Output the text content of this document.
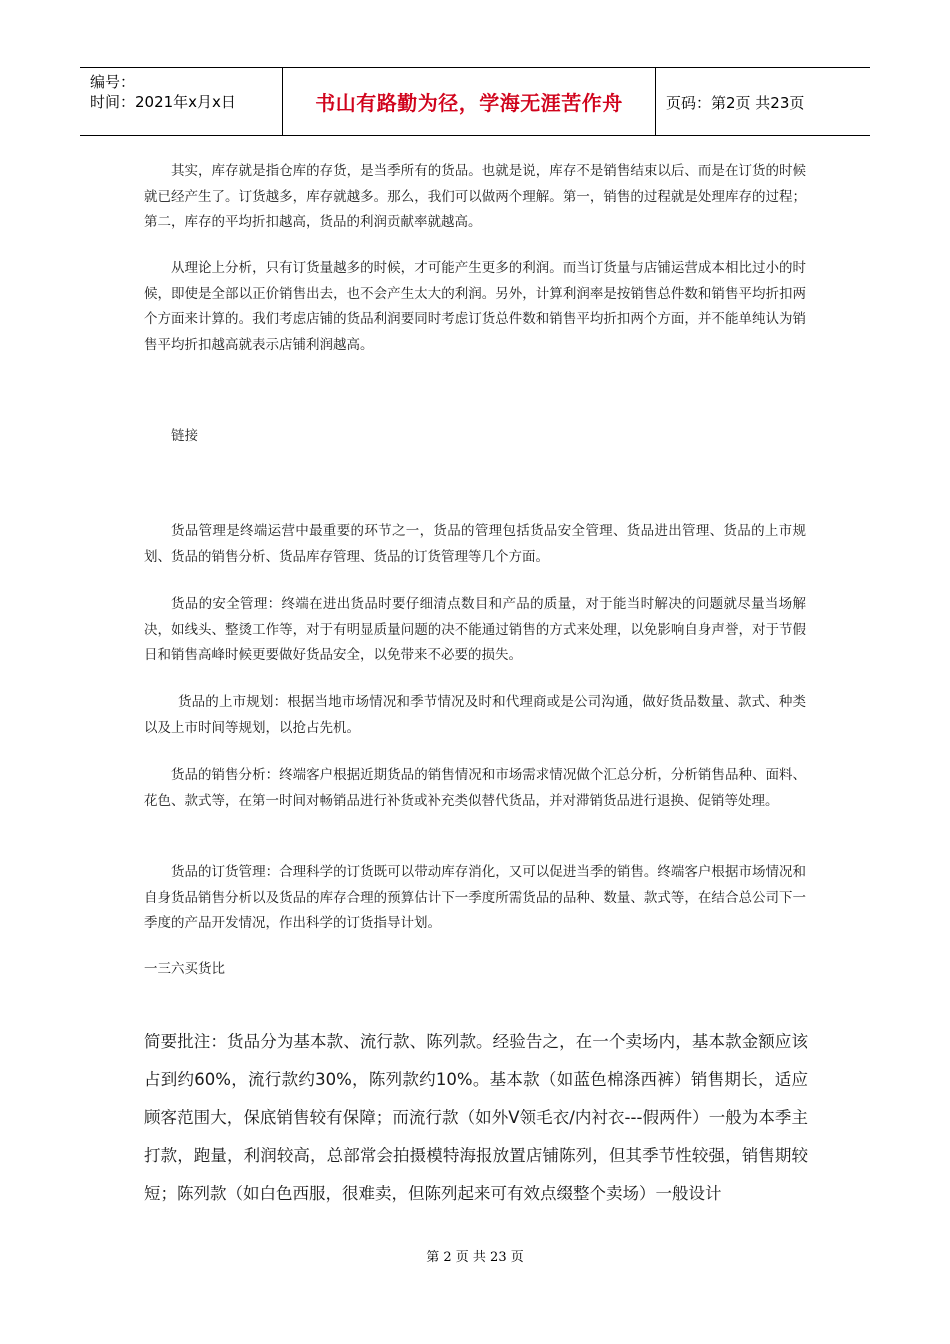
编号：
时间：2021年x月x日	书山有路勤为径，学海无涯苦作舟	页码：第2页 共23页

其实，库存就是指仓库的存货，是当季所有的货品。也就是说，库存不是销售结束以后、而是在订货的时候就已经产生了。订货越多，库存就越多。那么，我们可以做两个理解。第一，销售的过程就是处理库存的过程；第二，库存的平均折扣越高，货品的利润贡献率就越高。

从理论上分析，只有订货量越多的时候，才可能产生更多的利润。而当订货量与店铺运营成本相比过小的时候，即使是全部以正价销售出去，也不会产生太大的利润。另外，计算利润率是按销售总件数和销售平均折扣两个方面来计算的。我们考虑店铺的货品利润要同时考虑订货总件数和销售平均折扣两个方面，并不能单纯认为销售平均折扣越高就表示店铺利润越高。

链接

货品管理是终端运营中最重要的环节之一，货品的管理包括货品安全管理、货品进出管理、货品的上市规划、货品的销售分析、货品库存管理、货品的订货管理等几个方面。

货品的安全管理：终端在进出货品时要仔细清点数目和产品的质量，对于能当时解决的问题就尽量当场解决，如线头、整烫工作等，对于有明显质量问题的决不能通过销售的方式来处理，以免影响自身声誉，对于节假日和销售高峰时候更要做好货品安全，以免带来不必要的损失。

货品的上市规划：根据当地市场情况和季节情况及时和代理商或是公司沟通，做好货品数量、款式、种类以及上市时间等规划，以抢占先机。

货品的销售分析：终端客户根据近期货品的销售情况和市场需求情况做个汇总分析，分析销售品种、面料、花色、款式等，在第一时间对畅销品进行补货或补充类似替代货品，并对滞销货品进行退换、促销等处理。

货品的订货管理：合理科学的订货既可以带动库存消化，又可以促进当季的销售。终端客户根据市场情况和自身货品销售分析以及货品的库存合理的预算估计下一季度所需货品的品种、数量、款式等，在结合总公司下一季度的产品开发情况，作出科学的订货指导计划。

一三六买货比

简要批注：货品分为基本款、流行款、陈列款。经验告之，在一个卖场内，基本款金额应该占到约60%，流行款约30%，陈列款约10%。基本款（如蓝色棉涤西裤）销售期长，适应顾客范围大，保底销售较有保障；而流行款（如外V领毛衣/内衬衣---假两件）一般为本季主打款，跑量，利润较高，总部常会拍摄模特海报放置店铺陈列，但其季节性较强，销售期较短；陈列款（如白色西服，很难卖，但陈列起来可有效点缀整个卖场）一般设计

第 2 页 共 23 页
